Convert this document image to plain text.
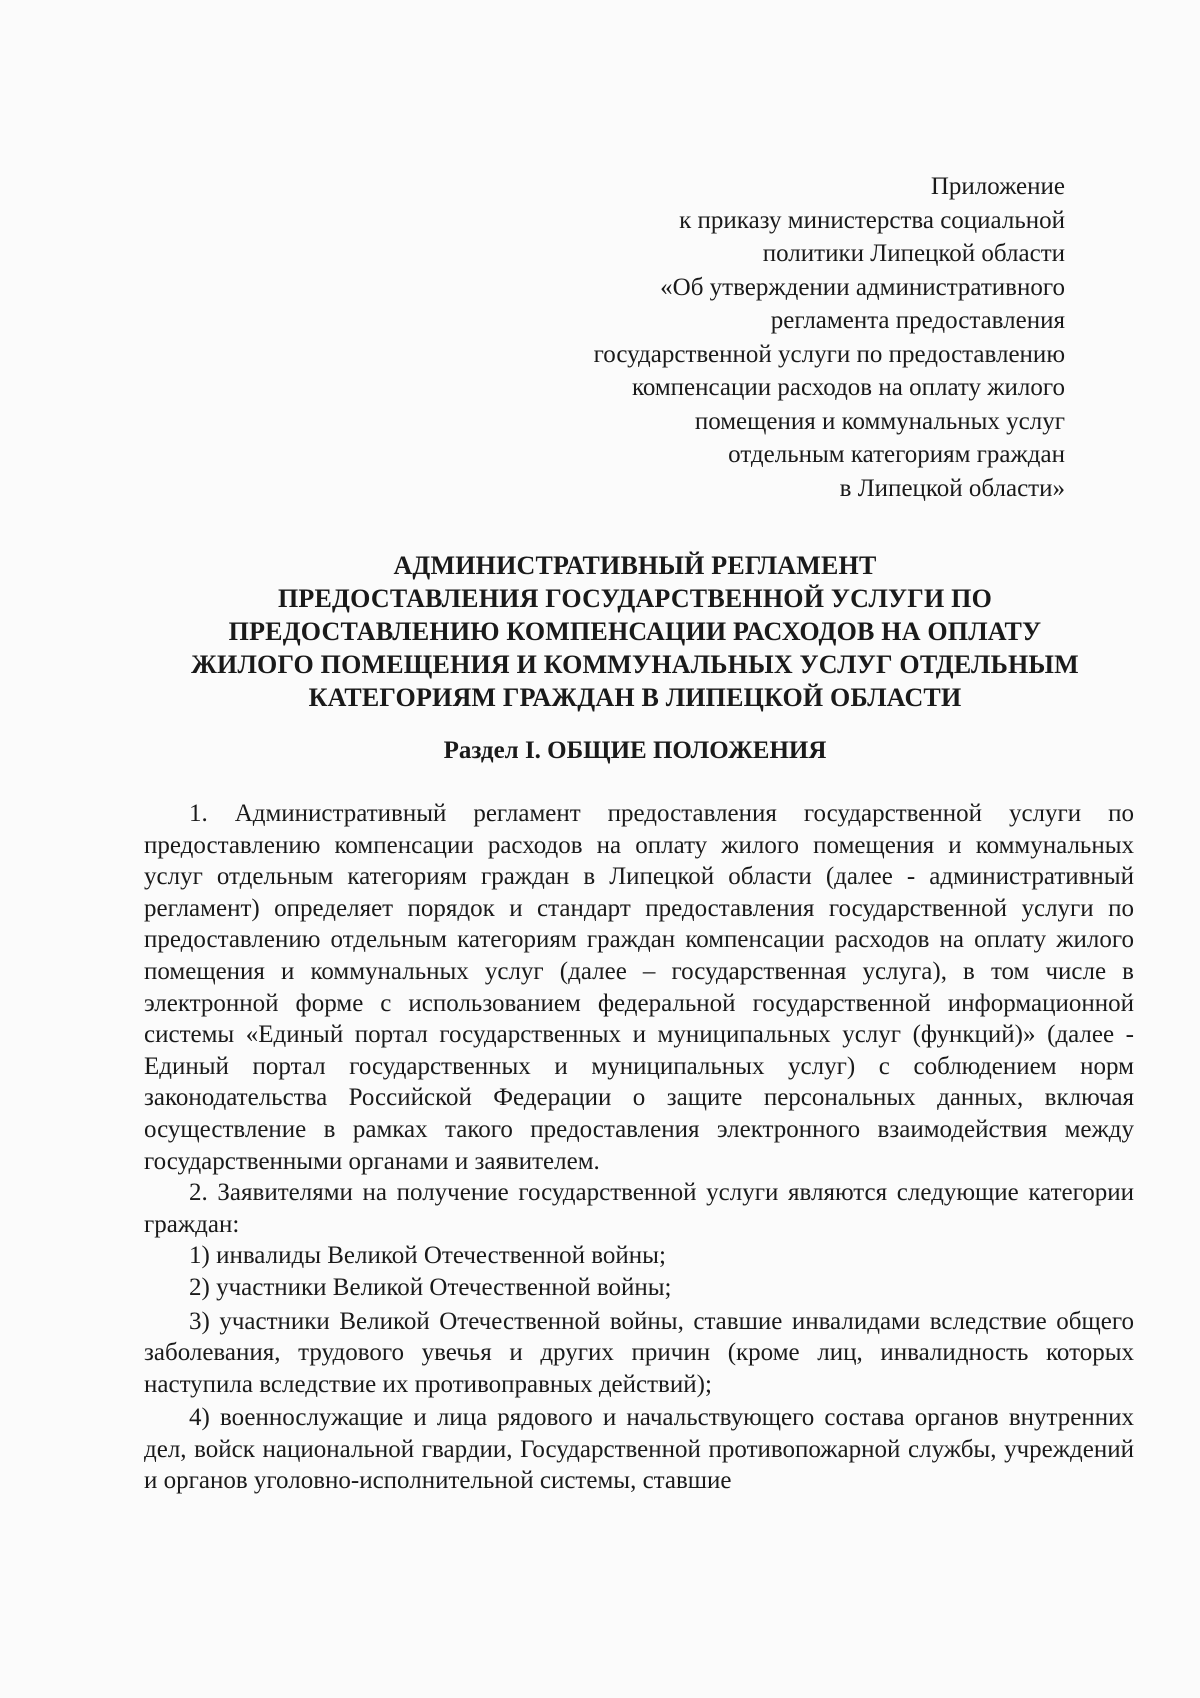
Приложение
к приказу министерства социальной
политики Липецкой области
«Об утверждении административного
регламента предоставления
государственной услуги по предоставлению
компенсации расходов на оплату жилого
помещения и коммунальных услуг
отдельным категориям граждан
в Липецкой области»
АДМИНИСТРАТИВНЫЙ РЕГЛАМЕНТ
ПРЕДОСТАВЛЕНИЯ ГОСУДАРСТВЕННОЙ УСЛУГИ ПО
ПРЕДОСТАВЛЕНИЮ КОМПЕНСАЦИИ РАСХОДОВ НА ОПЛАТУ
ЖИЛОГО ПОМЕЩЕНИЯ И КОММУНАЛЬНЫХ УСЛУГ ОТДЕЛЬНЫМ
КАТЕГОРИЯМ ГРАЖДАН В ЛИПЕЦКОЙ ОБЛАСТИ
Раздел I. ОБЩИЕ ПОЛОЖЕНИЯ

1. Административный регламент предоставления государственной услуги по предоставлению компенсации расходов на оплату жилого помещения и коммунальных услуг отдельным категориям граждан в Липецкой области (далее - административный регламент) определяет порядок и стандарт предоставления государственной услуги по предоставлению отдельным категориям граждан компенсации расходов на оплату жилого помещения и коммунальных услуг (далее – государственная услуга), в том числе в электронной форме с использованием федеральной государственной информационной системы «Единый портал государственных и муниципальных услуг (функций)» (далее - Единый портал государственных и муниципальных услуг) с соблюдением норм законодательства Российской Федерации о защите персональных данных, включая осуществление в рамках такого предоставления электронного взаимодействия между государственными органами и заявителем.

2. Заявителями на получение государственной услуги являются следующие категории граждан:

1) инвалиды Великой Отечественной войны;

2) участники Великой Отечественной войны;

3) участники Великой Отечественной войны, ставшие инвалидами вследствие общего заболевания, трудового увечья и других причин (кроме лиц, инвалидность которых наступила вследствие их противоправных действий);

4) военнослужащие и лица рядового и начальствующего состава органов внутренних дел, войск национальной гвардии, Государственной противопожарной службы, учреждений и органов уголовно-исполнительной системы, ставшие
